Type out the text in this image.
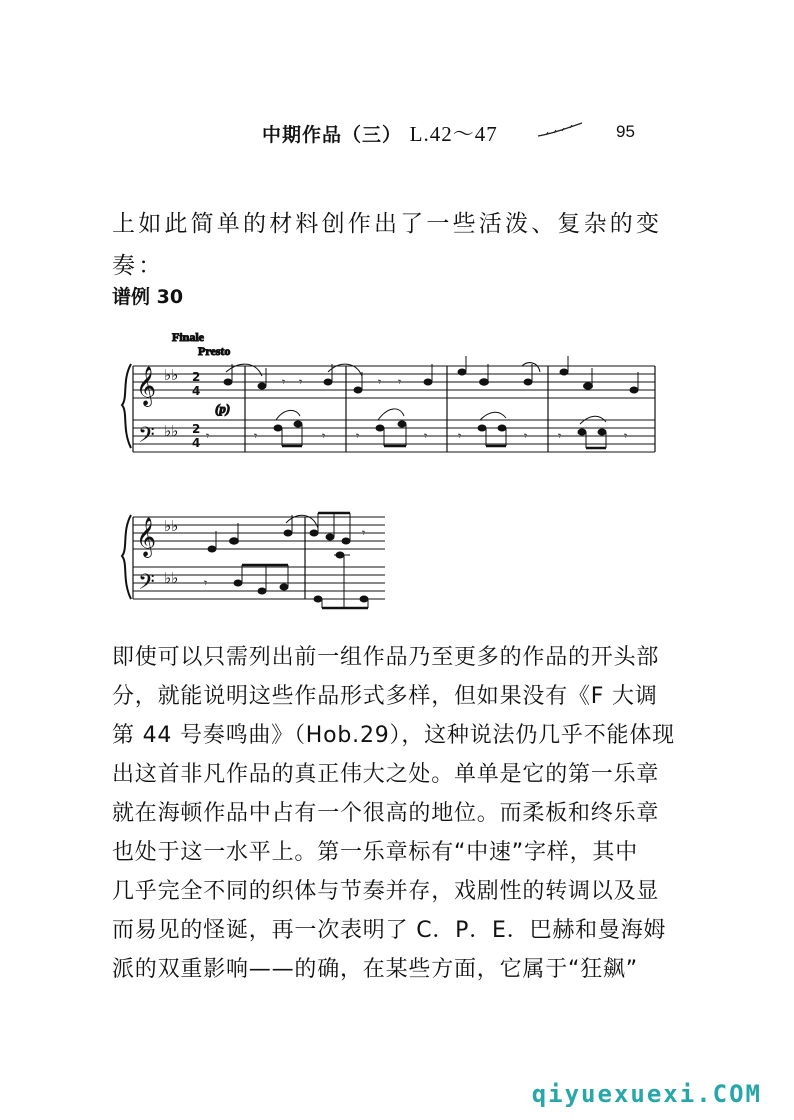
中期作品（三） L.42～47	95
上如此简单的材料创作出了一些活泼、复杂的变
奏：
谱例 30
Finale
Presto
(p)
𝄞
𝄢
♭♭
♭♭
2
4
2
4
𝄾 𝄾	𝄾 𝄾
𝄾	𝄾	𝄾	𝄾	𝄾	𝄾	𝄾	𝄾	𝄾
𝄞
𝄢
♭♭
♭♭
𝄾
𝄾
即使可以只需列出前一组作品乃至更多的作品的开头部
分，就能说明这些作品形式多样，但如果没有《F 大调
第 44 号奏鸣曲》（Hob.29），这种说法仍几乎不能体现
出这首非凡作品的真正伟大之处。单单是它的第一乐章
就在海顿作品中占有一个很高的地位。而柔板和终乐章
也处于这一水平上。第一乐章标有“中速”字样，其中
几乎完全不同的织体与节奏并存，戏剧性的转调以及显
而易见的怪诞，再一次表明了 C．P．E．巴赫和曼海姆
派的双重影响——的确，在某些方面，它属于“狂飙”
qiyuexuexi.COM
